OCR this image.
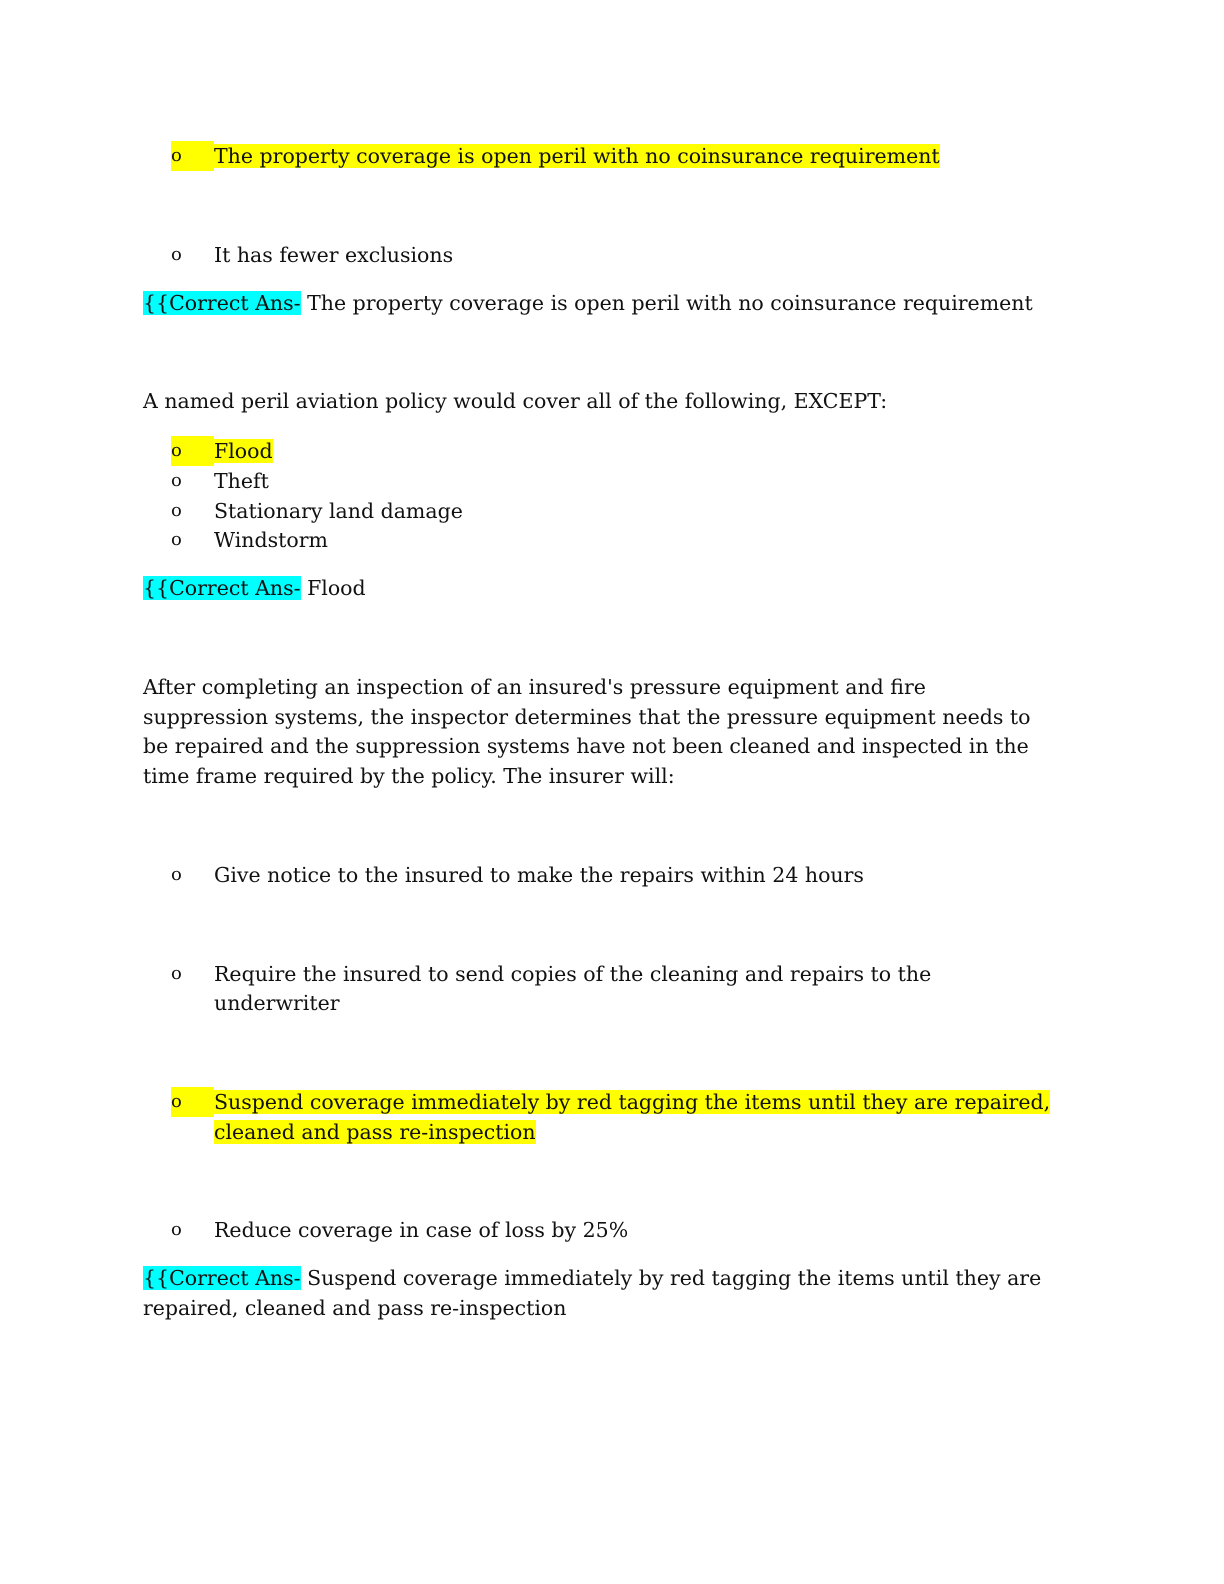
o	The property coverage is open peril with no coinsurance requirement
o	It has fewer exclusions
{{Correct Ans- The property coverage is open peril with no coinsurance requirement
A named peril aviation policy would cover all of the following, EXCEPT:
o	Flood
o	Theft
o	Stationary land damage
o	Windstorm
{{Correct Ans- Flood
After completing an inspection of an insured's pressure equipment and fire
suppression systems, the inspector determines that the pressure equipment needs to
be repaired and the suppression systems have not been cleaned and inspected in the
time frame required by the policy. The insurer will:
o	Give notice to the insured to make the repairs within 24 hours
o	Require the insured to send copies of the cleaning and repairs to the
underwriter
o	Suspend coverage immediately by red tagging the items until they are repaired,
cleaned and pass re-inspection
o	Reduce coverage in case of loss by 25%
{{Correct Ans- Suspend coverage immediately by red tagging the items until they are
repaired, cleaned and pass re-inspection
